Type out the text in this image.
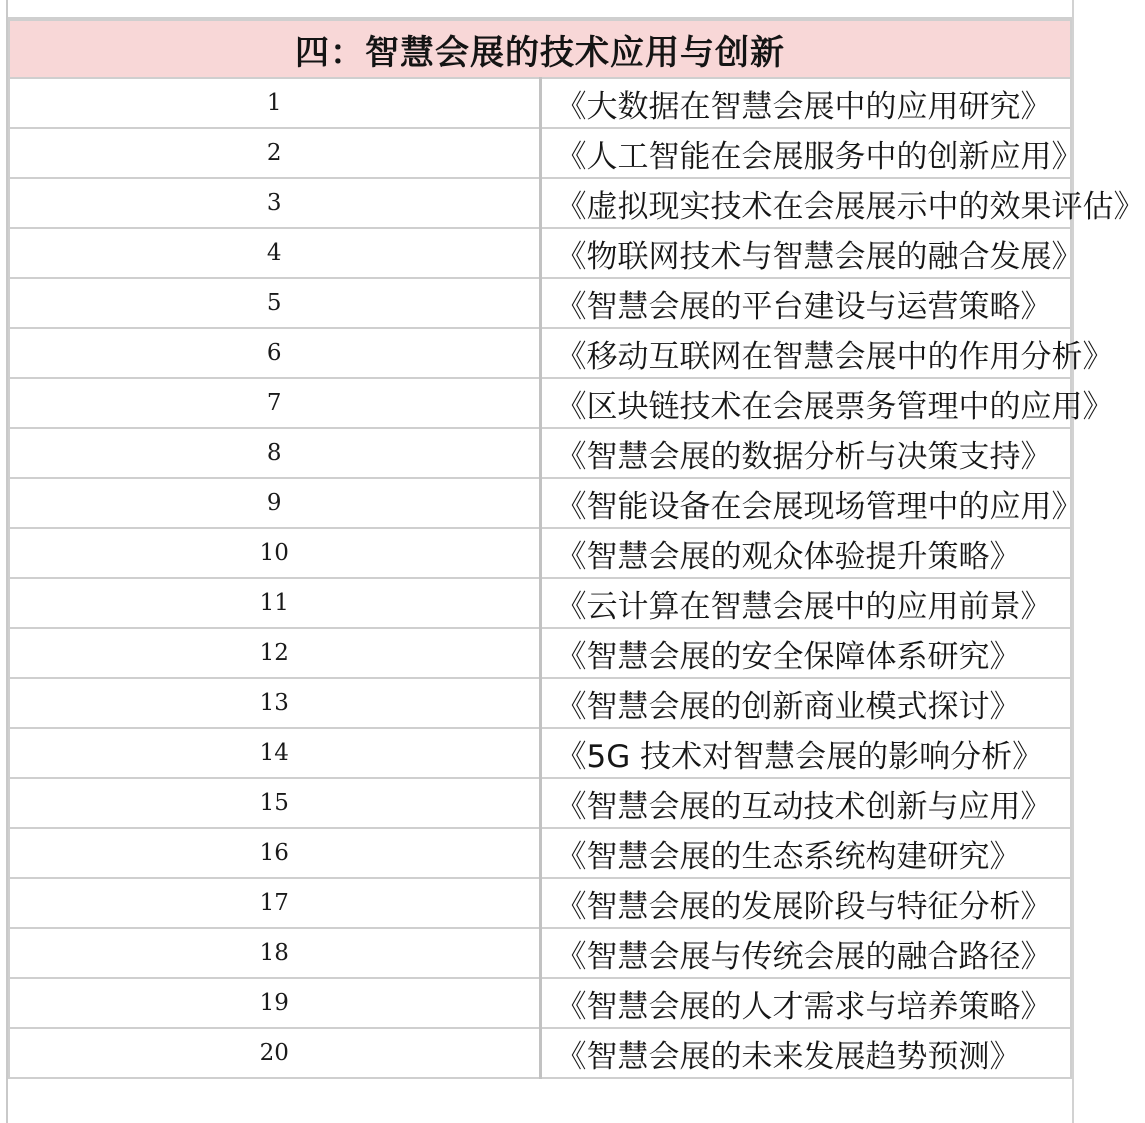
四：智慧会展的技术应用与创新	
1	《大数据在智慧会展中的应用研究》
2	《人工智能在会展服务中的创新应用》
3	《虚拟现实技术在会展展示中的效果评估》
4	《物联网技术与智慧会展的融合发展》
5	《智慧会展的平台建设与运营策略》
6	《移动互联网在智慧会展中的作用分析》
7	《区块链技术在会展票务管理中的应用》
8	《智慧会展的数据分析与决策支持》
9	《智能设备在会展现场管理中的应用》
10	《智慧会展的观众体验提升策略》
11	《云计算在智慧会展中的应用前景》
12	《智慧会展的安全保障体系研究》
13	《智慧会展的创新商业模式探讨》
14	《5G 技术对智慧会展的影响分析》
15	《智慧会展的互动技术创新与应用》
16	《智慧会展的生态系统构建研究》
17	《智慧会展的发展阶段与特征分析》
18	《智慧会展与传统会展的融合路径》
19	《智慧会展的人才需求与培养策略》
20	《智慧会展的未来发展趋势预测》
